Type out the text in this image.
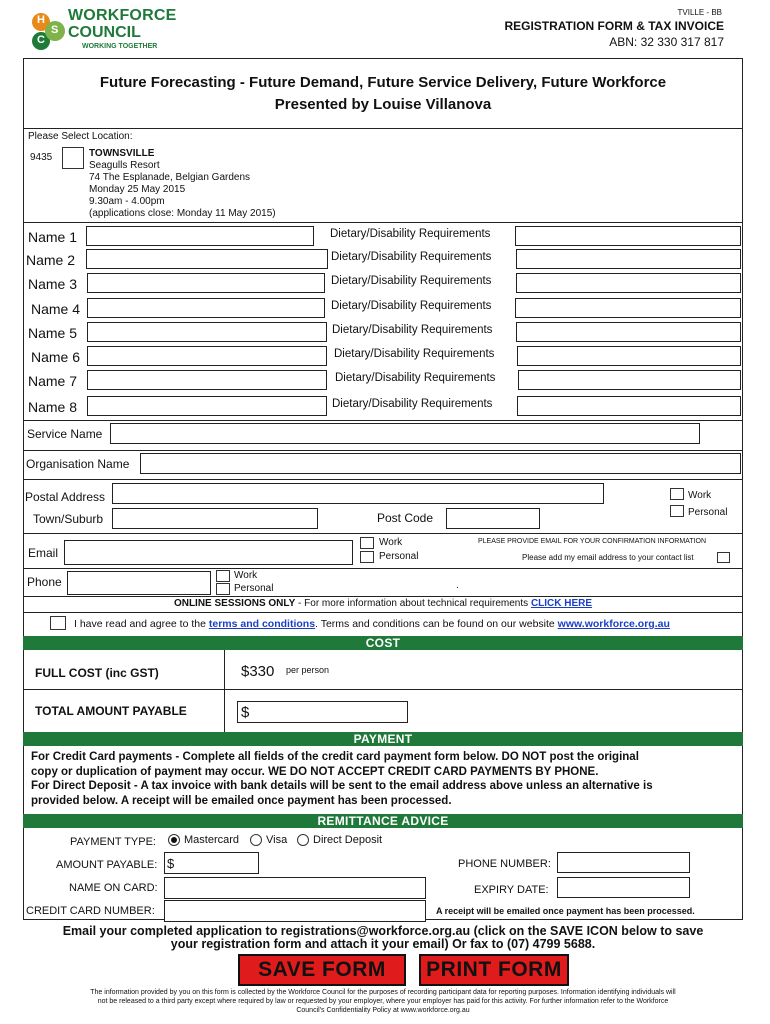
H
C
S
WORKFORCE
COUNCIL
WORKING TOGETHER
TVILLE - BB
REGISTRATION FORM & TAX INVOICE
ABN: 32 330 317 817
Future Forecasting - Future Demand, Future Service Delivery, Future Workforce
Presented by Louise Villanova
Please Select Location:
9435	TOWNSVILLE
Seagulls Resort
74 The Esplanade, Belgian Gardens
Monday 25 May 2015
9.30am - 4.00pm
(applications close: Monday 11 May 2015)
Name 1	Dietary/Disability Requirements
Name 2	Dietary/Disability Requirements
Name 3	Dietary/Disability Requirements
Name 4	Dietary/Disability Requirements
Name 5	Dietary/Disability Requirements
Name 6	Dietary/Disability Requirements
Name 7	Dietary/Disability Requirements
Name 8	Dietary/Disability Requirements
Service Name
Organisation Name
Postal Address
Town/Suburb	Post Code
Work
Personal
Email
Work
Personal
PLEASE PROVIDE EMAIL FOR YOUR CONFIRMATION INFORMATION
Please add my email address to your contact list
Phone	Work
Personal	.
ONLINE SESSIONS ONLY - For more information about technical requirements CLICK HERE
I have read and agree to the terms and conditions. Terms and conditions can be found on our website www.workforce.org.au
COST
FULL COST (inc GST)	$330 per person
TOTAL AMOUNT PAYABLE	$
PAYMENT
For Credit Card payments - Complete all fields of the credit card payment form below. DO NOT post the original
copy or duplication of payment may occur. WE DO NOT ACCEPT CREDIT CARD PAYMENTS BY PHONE.
For Direct Deposit - A tax invoice with bank details will be sent to the email address above unless an alternative is
provided below. A receipt will be emailed once payment has been processed.
REMITTANCE ADVICE
PAYMENT TYPE:	Mastercard Visa Direct Deposit
AMOUNT PAYABLE: $
NAME ON CARD:
CREDIT CARD NUMBER:
PHONE NUMBER:
EXPIRY DATE:
A receipt will be emailed once payment has been processed.
Email your completed application to registrations@workforce.org.au (click on the SAVE ICON below to save
your registration form and attach it your email) Or fax to (07) 4799 5688.
SAVE FORM	PRINT FORM
The information provided by you on this form is collected by the Workforce Council for the purposes of recording participant data for reporting purposes. Information identifying individuals will
not be released to a third party except where required by law or requested by your employer, where your employer has paid for this activity. For further information refer to the Workforce
Council's Confidentiality Policy at www.workforce.org.au
